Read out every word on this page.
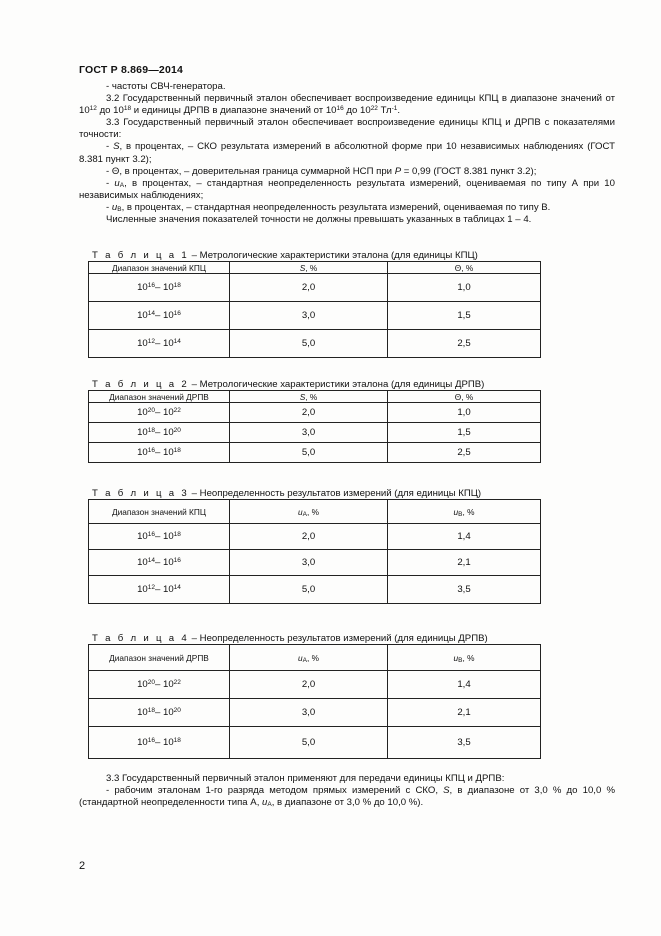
ГОСТ Р 8.869—2014

- частоты СВЧ-генератора.

3.2 Государственный первичный эталон обеспечивает воспроизведение единицы КПЦ в диапазоне значений от $10^{12}$ до $10^{18}$ и единицы ДРПВ в диапазоне значений от $10^{16}$ до $10^{22}$ $Тл^{-1}$.

3.3 Государственный первичный эталон обеспечивает воспроизведение единицы КПЦ и ДРПВ с показателями точности:

- S, в процентах, – СКО результата измерений в абсолютной форме при 10 независимых наблюдениях (ГОСТ 8.381 пункт 3.2);

- Θ, в процентах, – доверительная граница суммарной НСП при P = 0,99 (ГОСТ 8.381 пункт 3.2);

- $u_A$, в процентах, – стандартная неопределенность результата измерений, оцениваемая по типу А при 10 независимых наблюдениях;

- $u_B$, в процентах, – стандартная неопределенность результата измерений, оцениваемая по типу В.

Численные значения показателей точности не должны превышать указанных в таблицах 1 – 4.

Т а б л и ц а 1 – Метрологические характеристики эталона (для единицы КПЦ)
Диапазон значений КПЦ	S, %	Θ, %
$10^{16}-$ $10^{18}$	2,0	1,0
$10^{14}-$ $10^{16}$	3,0	1,5
$10^{12}-$ $10^{14}$	5,0	2,5
Т а б л и ц а 2 – Метрологические характеристики эталона (для единицы ДРПВ)
Диапазон значений ДРПВ	S, %	Θ, %
$10^{20}-$ $10^{22}$	2,0	1,0
$10^{18}-$ $10^{20}$	3,0	1,5
$10^{16}-$ $10^{18}$	5,0	2,5
Т а б л и ц а 3 – Неопределенность результатов измерений (для единицы КПЦ)
Диапазон значений КПЦ	$u_A$, %	$u_B$, %
$10^{16}-$ $10^{18}$	2,0	1,4
$10^{14}-$ $10^{16}$	3,0	2,1
$10^{12}-$ $10^{14}$	5,0	3,5
Т а б л и ц а 4 – Неопределенность результатов измерений (для единицы ДРПВ)
Диапазон значений ДРПВ	$u_A$, %	$u_B$, %
$10^{20}-$ $10^{22}$	2,0	1,4
$10^{18}-$ $10^{20}$	3,0	2,1
$10^{16}-$ $10^{18}$	5,0	3,5

3.3 Государственный первичный эталон применяют для передачи единицы КПЦ и ДРПВ:

- рабочим эталонам 1-го разряда методом прямых измерений с СКО, S, в диапазоне от 3,0 % до 10,0 % (стандартной неопределенности типа А, $u_A$, в диапазоне от 3,0 % до 10,0 %).

2
